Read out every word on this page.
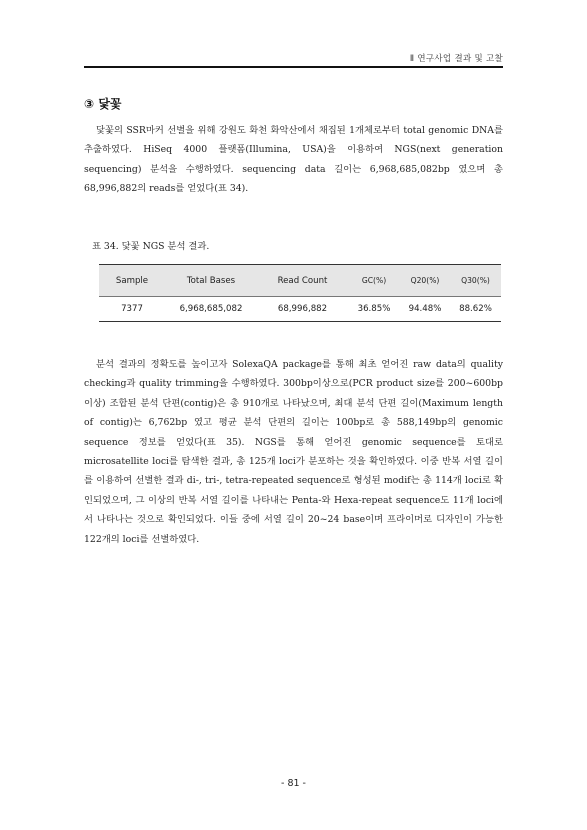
Ⅱ 연구사업 결과 및 고찰
③ 닻꽃

닻꽃의 SSR마커 선별을 위해 강원도 화천 화악산에서 채집된 1개체로부터 total genomic DNA를 추출하였다. HiSeq 4000 플랫폼(Illumina, USA)을 이용하여 NGS(next generation sequencing) 분석을 수행하였다. sequencing data 길이는 6,968,685,082bp 였으며 총 68,996,882의 reads를 얻었다(표 34).

표 34. 닻꽃 NGS 분석 결과.
Sample	Total Bases	Read Count	GC(%)	Q20(%)	Q30(%)
7377	6,968,685,082	68,996,882	36.85%	94.48%	88.62%

분석 결과의 정확도를 높이고자 SolexaQA package를 통해 최초 얻어진 raw data의 quality checking과 quality trimming을 수행하였다. 300bp이상으로(PCR product size를 200~600bp 이상) 조합된 분석 단편(contig)은 총 910개로 나타났으며, 최대 분석 단편 길이(Maximum length of contig)는 6,762bp 였고 평균 분석 단편의 길이는 100bp로 총 588,149bp의 genomic sequence 정보를 얻었다(표 35). NGS를 통해 얻어진 genomic sequence를 토대로 microsatellite loci를 탐색한 결과, 총 125개 loci가 분포하는 것을 확인하였다. 이중 반복 서열 길이를 이용하여 선별한 결과 di-, tri-, tetra-repeated sequence로 형성된 modif는 총 114개 loci로 확인되었으며, 그 이상의 반복 서열 길이를 나타내는 Penta-와 Hexa-repeat sequence도 11개 loci에서 나타나는 것으로 확인되었다. 이들 중에 서열 길이 20~24 base이며 프라이머로 디자인이 가능한 122개의 loci를 선별하였다.

- 81 -
